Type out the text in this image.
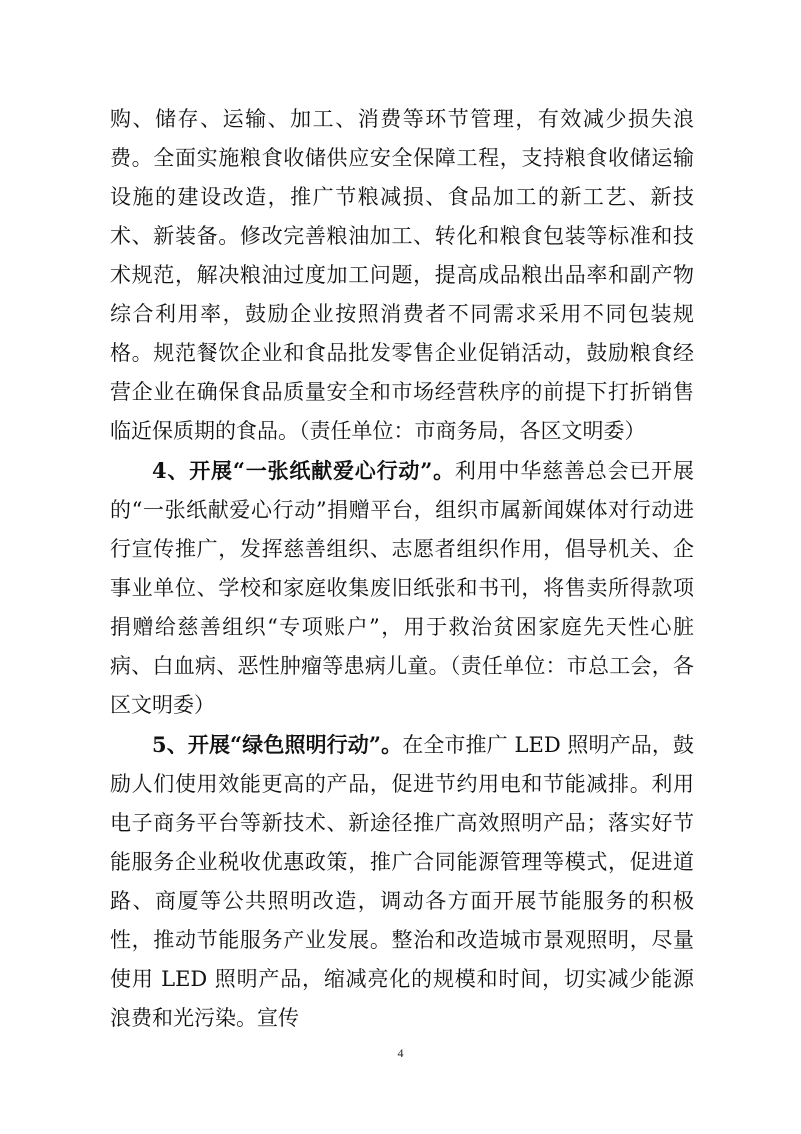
购、储存、运输、加工、消费等环节管理，有效减少损失浪费。全面实施粮食收储供应安全保障工程，支持粮食收储运输设施的建设改造，推广节粮减损、食品加工的新工艺、新技术、新装备。修改完善粮油加工、转化和粮食包装等标准和技术规范，解决粮油过度加工问题，提高成品粮出品率和副产物综合利用率，鼓励企业按照消费者不同需求采用不同包装规格。规范餐饮企业和食品批发零售企业促销活动，鼓励粮食经营企业在确保食品质量安全和市场经营秩序的前提下打折销售临近保质期的食品。（责任单位：市商务局，各区文明委）

4、开展“一张纸献爱心行动”。利用中华慈善总会已开展的“一张纸献爱心行动”捐赠平台，组织市属新闻媒体对行动进行宣传推广，发挥慈善组织、志愿者组织作用，倡导机关、企事业单位、学校和家庭收集废旧纸张和书刊，将售卖所得款项捐赠给慈善组织“专项账户”，用于救治贫困家庭先天性心脏病、白血病、恶性肿瘤等患病儿童。（责任单位：市总工会，各区文明委）

5、开展“绿色照明行动”。在全市推广 LED 照明产品，鼓励人们使用效能更高的产品，促进节约用电和节能减排。利用电子商务平台等新技术、新途径推广高效照明产品；落实好节能服务企业税收优惠政策，推广合同能源管理等模式，促进道路、商厦等公共照明改造，调动各方面开展节能服务的积极性，推动节能服务产业发展。整治和改造城市景观照明，尽量使用 LED 照明产品，缩减亮化的规模和时间，切实减少能源浪费和光污染。宣传

4
